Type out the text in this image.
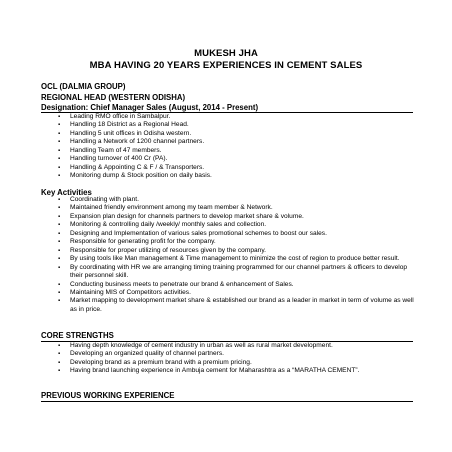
MUKESH JHA
MBA HAVING 20 YEARS EXPERIENCES IN CEMENT SALES
OCL (DALMIA GROUP)
REGIONAL HEAD (WESTERN ODISHA)
Designation: Chief Manager Sales (August, 2014 - Present)
▪ Leading RMO office in Sambalpur.
▪ Handling 18 District as a Regional Head.
▪ Handling 5 unit offices in Odisha western.
▪ Handling a Network of 1200 channel partners.
▪ Handling Team of 47 members.
▪ Handling turnover of 400 Cr (PA).
▪ Handling & Appointing C & F / & Transporters.
▪ Monitoring dump & Stock position on daily basis.
Key Activities
▪ Coordinating with plant.
▪ Maintained friendly environment among my team member & Network.
▪ Expansion plan design for channels partners to develop market share & volume.
▪ Monitoring & controlling daily /weekly/ monthly sales and collection.
▪ Designing and Implementation of various sales promotional schemes to boost our sales.
▪ Responsible for generating profit for the company.
▪ Responsible for proper utilizing of resources given by the company.
▪ By using tools like Man management & Time management to minimize the cost of region to produce better result.
▪ By coordinating with HR we are arranging timing training programmed for our channel partners & officers to develop their personnel skill.
▪ Conducting business meets to penetrate our brand & enhancement of Sales.
▪ Maintaining MIS of Competitors activities.
▪ Market mapping to development market share & established our brand as a leader in market in term of volume as well as in price.
CORE STRENGTHS
▪ Having depth knowledge of cement industry in urban as well as rural market development.
▪ Developing an organized quality of channel partners.
▪ Developing brand as a premium brand with a premium pricing.
▪ Having brand launching experience in Ambuja cement for Maharashtra as a “MARATHA CEMENT”.
PREVIOUS WORKING EXPERIENCE
